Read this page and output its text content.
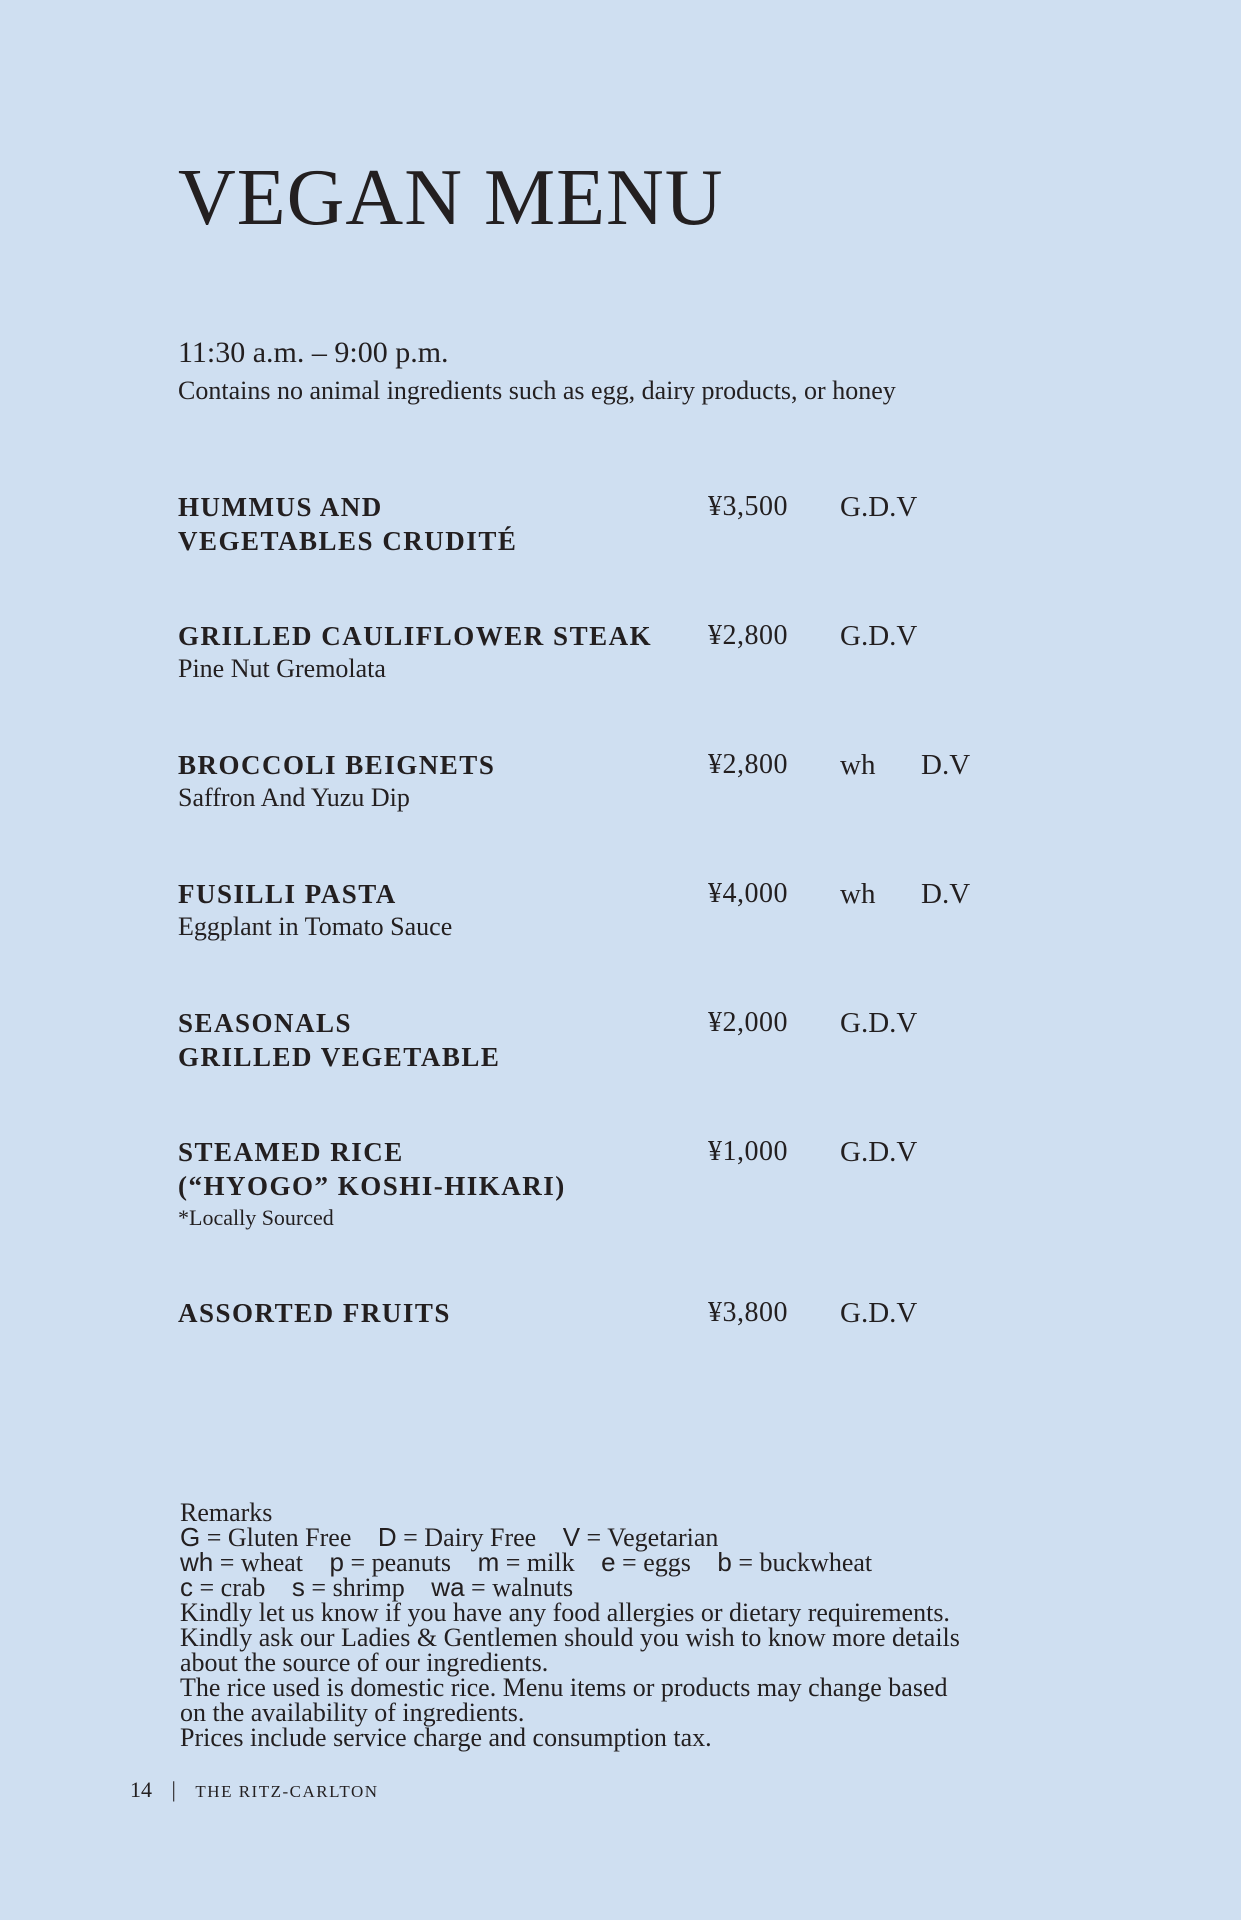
VEGAN MENU
11:30 a.m. – 9:00 p.m.
Contains no animal ingredients such as egg, dairy products, or honey
HUMMUS AND
VEGETABLES CRUDITÉ
¥3,500 G.D.V
GRILLED CAULIFLOWER STEAK
Pine Nut Gremolata
¥2,800 G.D.V
BROCCOLI BEIGNETS
Saffron And Yuzu Dip
¥2,800 wh D.V
FUSILLI PASTA
Eggplant in Tomato Sauce
¥4,000 wh D.V
SEASONALS
GRILLED VEGETABLE
¥2,000 G.D.V
STEAMED RICE
(“HYOGO” KOSHI-HIKARI)
*Locally Sourced
¥1,000 G.D.V
ASSORTED FRUITS	¥3,800 G.D.V
Remarks
G = Gluten Free D = Dairy Free V = Vegetarian
wh = wheat p = peanuts m = milk e = eggs b = buckwheat
c = crab s = shrimp wa = walnuts
Kindly let us know if you have any food allergies or dietary requirements.
Kindly ask our Ladies & Gentlemen should you wish to know more details
about the source of our ingredients.
The rice used is domestic rice. Menu items or products may change based
on the availability of ingredients.
Prices include service charge and consumption tax.
14 | THE RITZ-CARLTON
